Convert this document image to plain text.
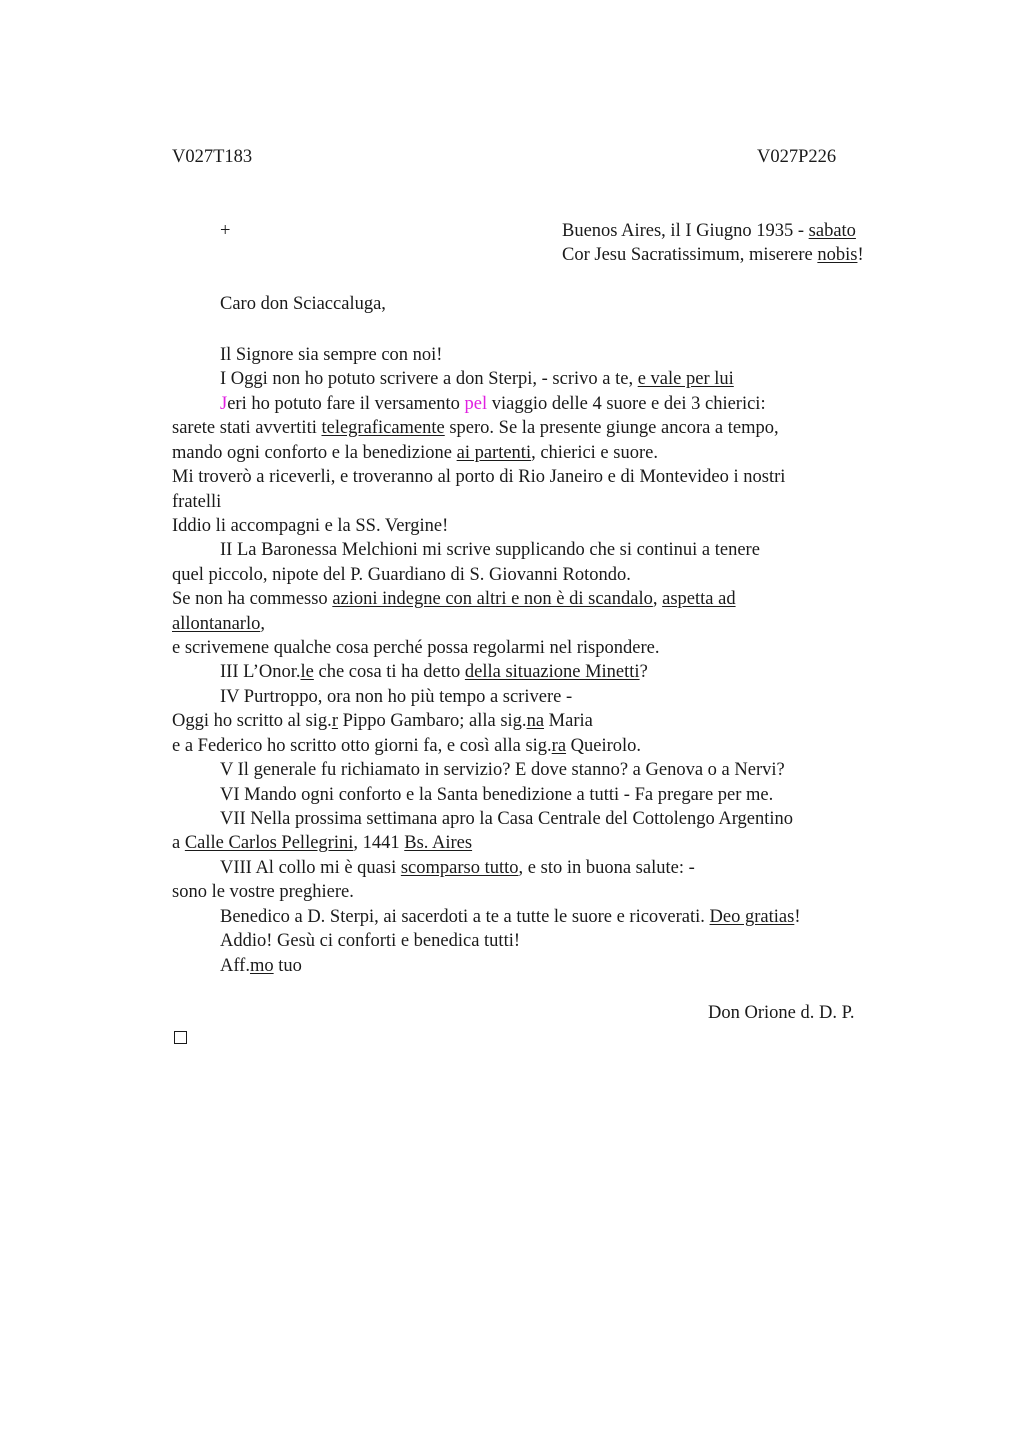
V027T183	V027P226
+	Buenos Aires, il I Giugno 1935 - sabato
Cor Jesu Sacratissimum, miserere nobis!
Caro don Sciaccaluga,
Il Signore sia sempre con noi!
I Oggi non ho potuto scrivere a don Sterpi, - scrivo a te, e vale per lui
Jeri ho potuto fare il versamento pel viaggio delle 4 suore e dei 3 chierici:
sarete stati avvertiti telegraficamente spero. Se la presente giunge ancora a tempo,
mando ogni conforto e la benedizione ai partenti, chierici e suore.
Mi troverò a riceverli, e troveranno al porto di Rio Janeiro e di Montevideo i nostri
fratelli
Iddio li accompagni e la SS. Vergine!
II La Baronessa Melchioni mi scrive supplicando che si continui a tenere
quel piccolo, nipote del P. Guardiano di S. Giovanni Rotondo.
Se non ha commesso azioni indegne con altri e non è di scandalo, aspetta ad
allontanarlo,
e scrivemene qualche cosa perché possa regolarmi nel rispondere.
III L’Onor.le che cosa ti ha detto della situazione Minetti?
IV Purtroppo, ora non ho più tempo a scrivere -
Oggi ho scritto al sig.r Pippo Gambaro; alla sig.na Maria
e a Federico ho scritto otto giorni fa, e così alla sig.ra Queirolo.
V Il generale fu richiamato in servizio? E dove stanno? a Genova o a Nervi?
VI Mando ogni conforto e la Santa benedizione a tutti - Fa pregare per me.
VII Nella prossima settimana apro la Casa Centrale del Cottolengo Argentino
a Calle Carlos Pellegrini, 1441 Bs. Aires
VIII Al collo mi è quasi scomparso tutto, e sto in buona salute: -
sono le vostre preghiere.
Benedico a D. Sterpi, ai sacerdoti a te a tutte le suore e ricoverati. Deo gratias!
Addio! Gesù ci conforti e benedica tutti!
Aff.mo tuo
Don Orione d. D. P.
